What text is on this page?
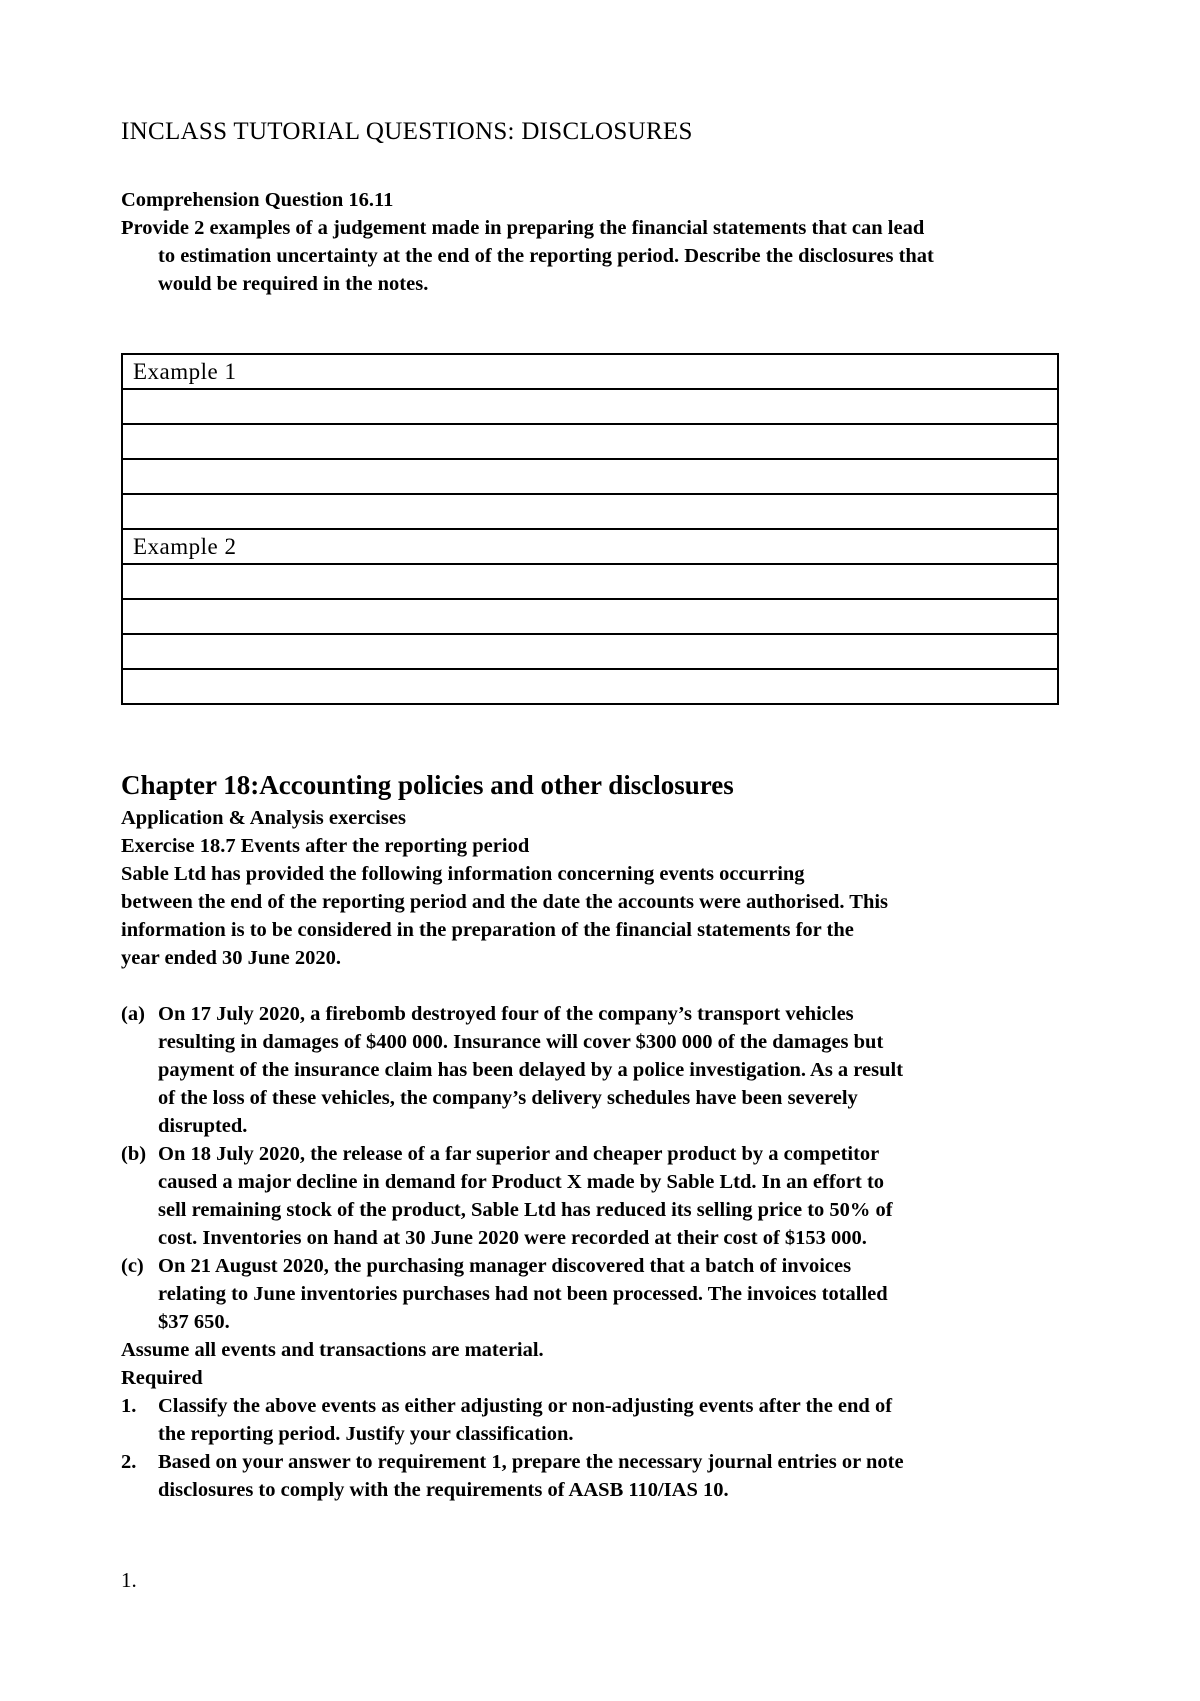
INCLASS TUTORIAL QUESTIONS: DISCLOSURES
Comprehension Question 16.11
Provide 2 examples of a judgement made in preparing the financial statements that can lead
to estimation uncertainty at the end of the reporting period. Describe the disclosures that
would be required in the notes.
Example 1

Example 2

Chapter 18:Accounting policies and other disclosures
Application & Analysis exercises
Exercise 18.7 Events after the reporting period
Sable Ltd has provided the following information concerning events occurring
between the end of the reporting period and the date the accounts were authorised. This
information is to be considered in the preparation of the financial statements for the
year ended 30 June 2020.
(a) On 17 July 2020, a firebomb destroyed four of the company’s transport vehicles
resulting in damages of $400 000. Insurance will cover $300 000 of the damages but
payment of the insurance claim has been delayed by a police investigation. As a result
of the loss of these vehicles, the company’s delivery schedules have been severely
disrupted.
(b) On 18 July 2020, the release of a far superior and cheaper product by a competitor
caused a major decline in demand for Product X made by Sable Ltd. In an effort to
sell remaining stock of the product, Sable Ltd has reduced its selling price to 50% of
cost. Inventories on hand at 30 June 2020 were recorded at their cost of $153 000.
(c) On 21 August 2020, the purchasing manager discovered that a batch of invoices
relating to June inventories purchases had not been processed. The invoices totalled
$37 650.
Assume all events and transactions are material.
Required
1. Classify the above events as either adjusting or non-adjusting events after the end of
the reporting period. Justify your classification.
2. Based on your answer to requirement 1, prepare the necessary journal entries or note
disclosures to comply with the requirements of AASB 110/IAS 10.
1.
